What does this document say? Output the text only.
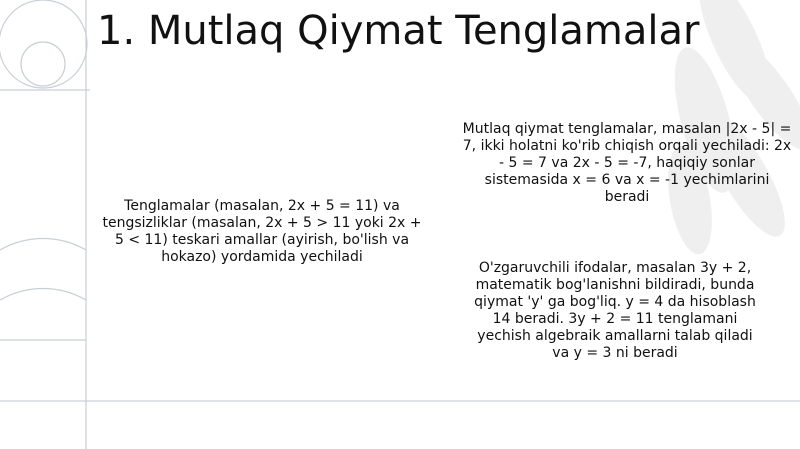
1. Mutlaq Qiymat Tenglamalar
Tenglamalar (masalan, 2x + 5 = 11) va tengsizliklar (masalan, 2x + 5 > 11 yoki 2x + 5 < 11) teskari amallar (ayirish, bo'lish va hokazo) yordamida yechiladi
Mutlaq qiymat tenglamalar, masalan |2x - 5| = 7, ikki holatni ko'rib chiqish orqali yechiladi: 2x - 5 = 7 va 2x - 5 = -7, haqiqiy sonlar sistemasida x = 6 va x = -1 yechimlarini beradi
O'zgaruvchili ifodalar, masalan 3y + 2, matematik bog'lanishni bildiradi, bunda qiymat 'y' ga bog'liq. y = 4 da hisoblash 14 beradi. 3y + 2 = 11 tenglamani yechish algebraik amallarni talab qiladi va y = 3 ni beradi
